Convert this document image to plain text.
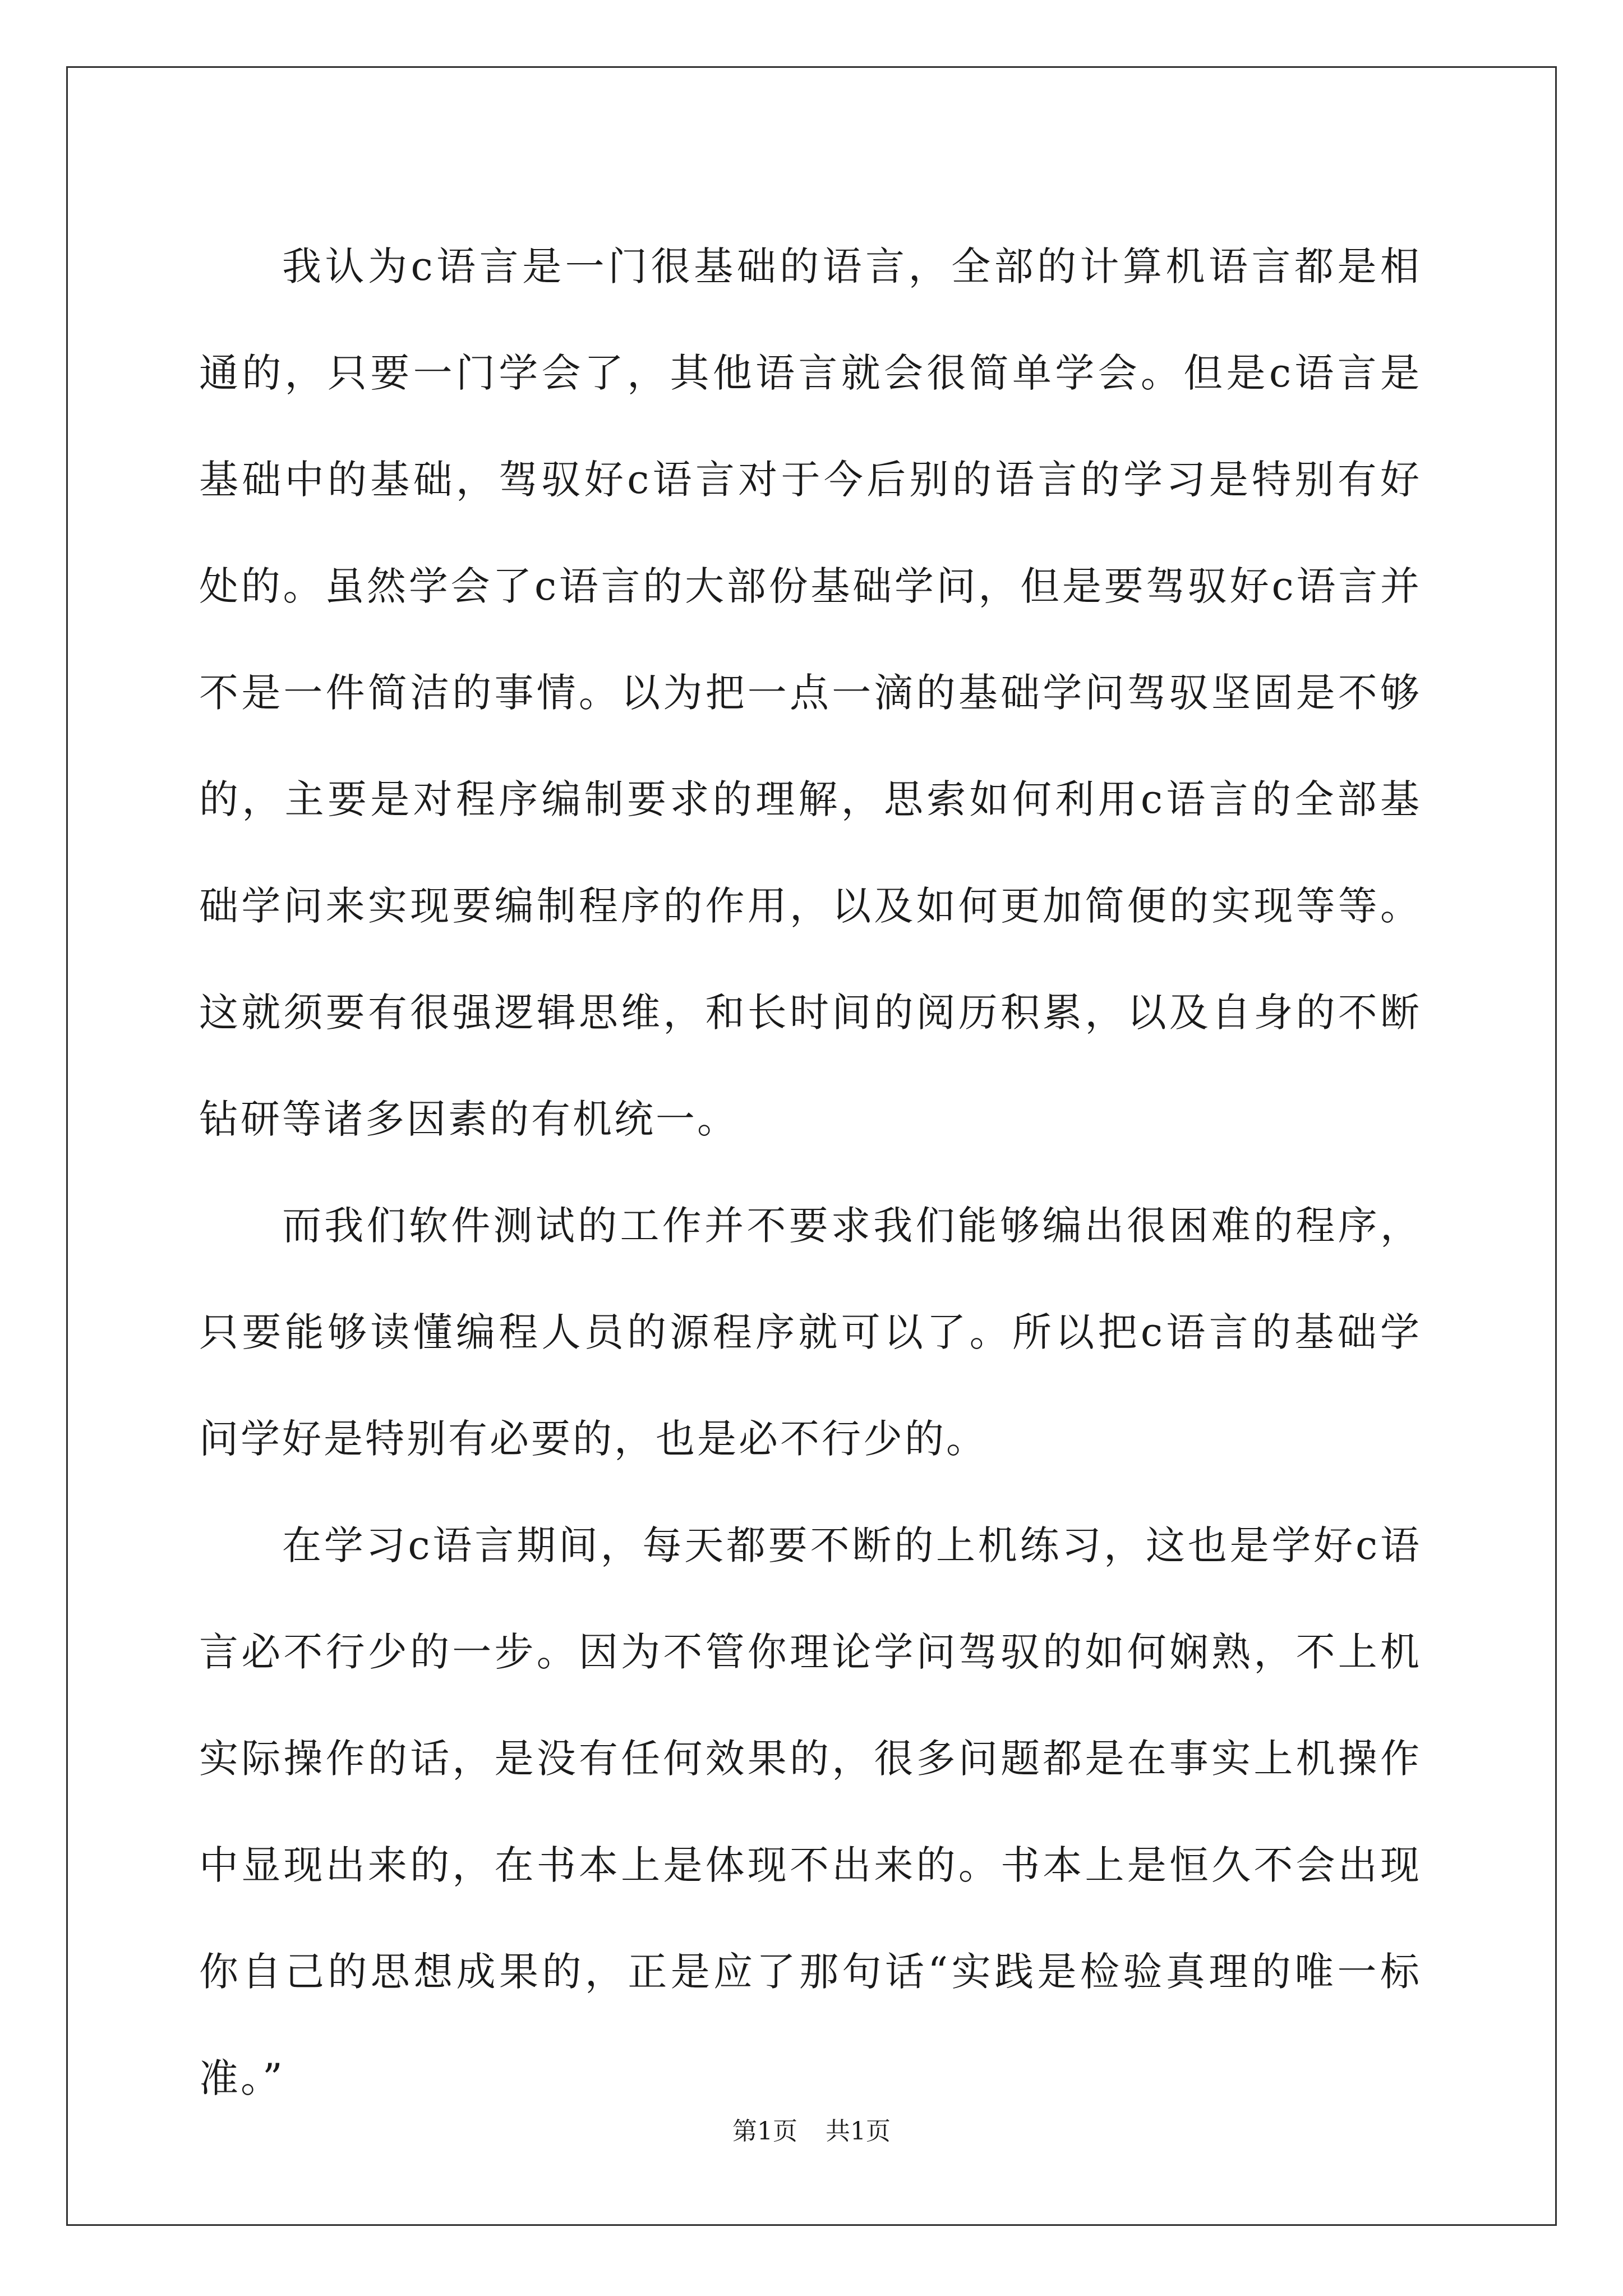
我认为c语言是一门很基础的语言，全部的计算机语言都是相通的，只要一门学会了，其他语言就会很简单学会。但是c语言是基础中的基础，驾驭好c语言对于今后别的语言的学习是特别有好处的。虽然学会了c语言的大部份基础学问，但是要驾驭好c语言并不是一件简洁的事情。以为把一点一滴的基础学问驾驭坚固是不够的，主要是对程序编制要求的理解，思索如何利用c语言的全部基础学问来实现要编制程序的作用，以及如何更加简便的实现等等。这就须要有很强逻辑思维，和长时间的阅历积累，以及自身的不断钻研等诸多因素的有机统一。

而我们软件测试的工作并不要求我们能够编出很困难的程序，只要能够读懂编程人员的源程序就可以了。所以把c语言的基础学问学好是特别有必要的，也是必不行少的。

在学习c语言期间，每天都要不断的上机练习，这也是学好c语言必不行少的一步。因为不管你理论学问驾驭的如何娴熟，不上机实际操作的话，是没有任何效果的，很多问题都是在事实上机操作中显现出来的，在书本上是体现不出来的。书本上是恒久不会出现你自己的思想成果的，正是应了那句话“实践是检验真理的唯一标准。”

第1页 共1页
